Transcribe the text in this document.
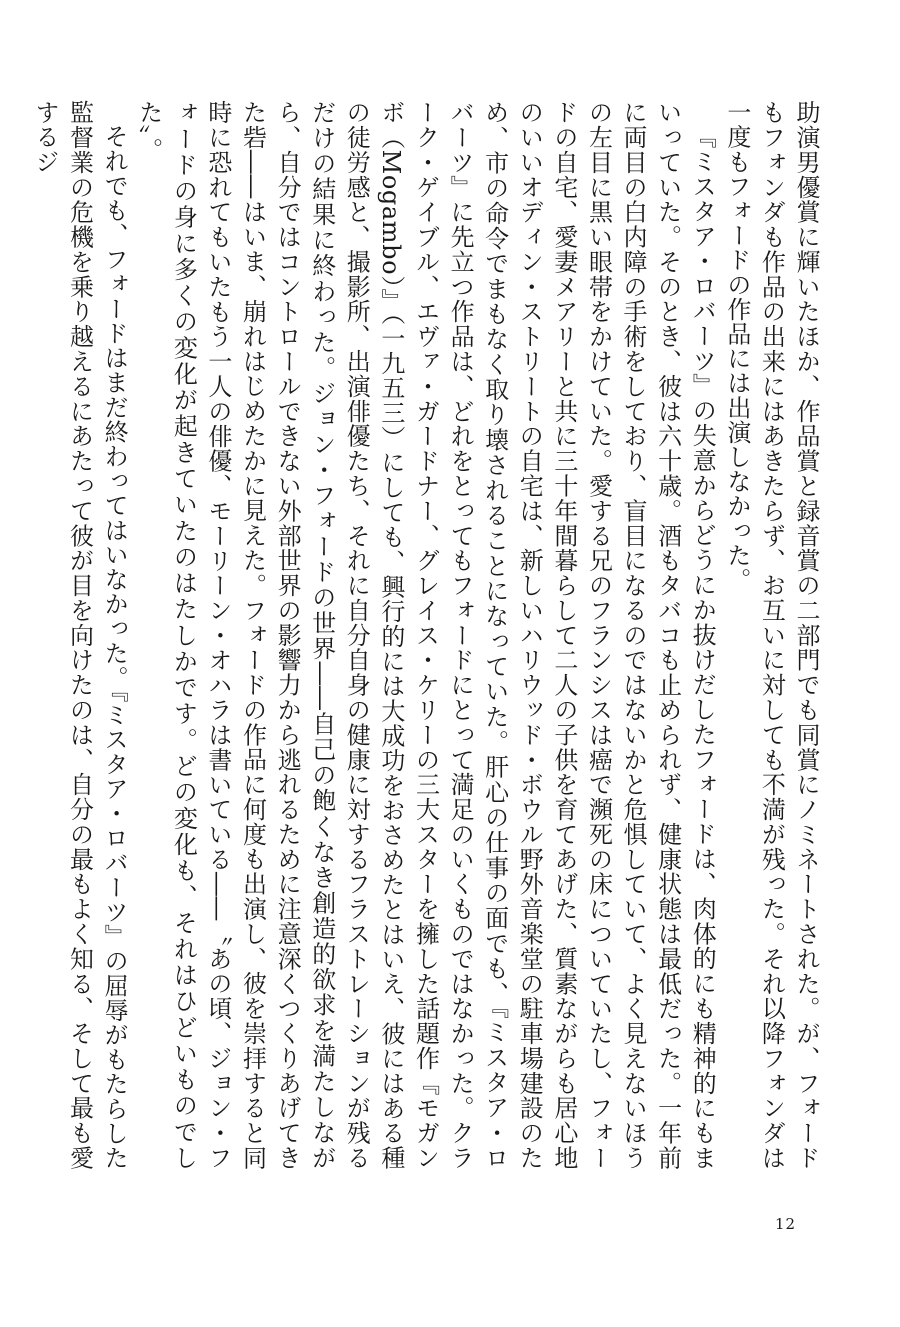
助演男優賞に輝いたほか、作品賞と録音賞の二部門でも同賞にノミネートされた。が、フォードもフォンダも作品の出来にはあきたらず、お互いに対しても不満が残った。それ以降フォンダは一度もフォードの作品には出演しなかった。

『ミスタア・ロバーツ』の失意からどうにか抜けだしたフォードは、肉体的にも精神的にもまいっていた。そのとき、彼は六十歳。酒もタバコも止められず、健康状態は最低だった。一年前に両目の白内障の手術をしており、盲目になるのではないかと危惧していて、よく見えないほうの左目に黒い眼帯をかけていた。愛する兄のフランシスは癌で瀕死の床についていたし、フォードの自宅、愛妻メアリーと共に三十年間暮らして二人の子供を育てあげた、質素ながらも居心地のいいオディン・ストリートの自宅は、新しいハリウッド・ボウル野外音楽堂の駐車場建設のため、市の命令でまもなく取り壊されることになっていた。肝心の仕事の面でも、『ミスタア・ロバーツ』に先立つ作品は、どれをとってもフォードにとって満足のいくものではなかった。クラーク・ゲイブル、エヴァ・ガードナー、グレイス・ケリーの三大スターを擁した話題作『モガンボ（Mogambo）』（一九五三）にしても、興行的には大成功をおさめたとはいえ、彼にはある種の徒労感と、撮影所、出演俳優たち、それに自分自身の健康に対するフラストレーションが残るだけの結果に終わった。ジョン・フォードの世界――自己の飽くなき創造的欲求を満たしながら、自分ではコントロールできない外部世界の影響力から逃れるために注意深くつくりあげてきた砦――はいま、崩れはじめたかに見えた。フォードの作品に何度も出演し、彼を崇拝すると同時に恐れてもいたもう一人の俳優、モーリーン・オハラは書いている――〝あの頃、ジョン・フォードの身に多くの変化が起きていたのはたしかです。どの変化も、それはひどいものでした〟。

それでも、フォードはまだ終わってはいなかった。『ミスタア・ロバーツ』の屈辱がもたらした監督業の危機を乗り越えるにあたって彼が目を向けたのは、自分の最もよく知る、そして最も愛するジ

12
